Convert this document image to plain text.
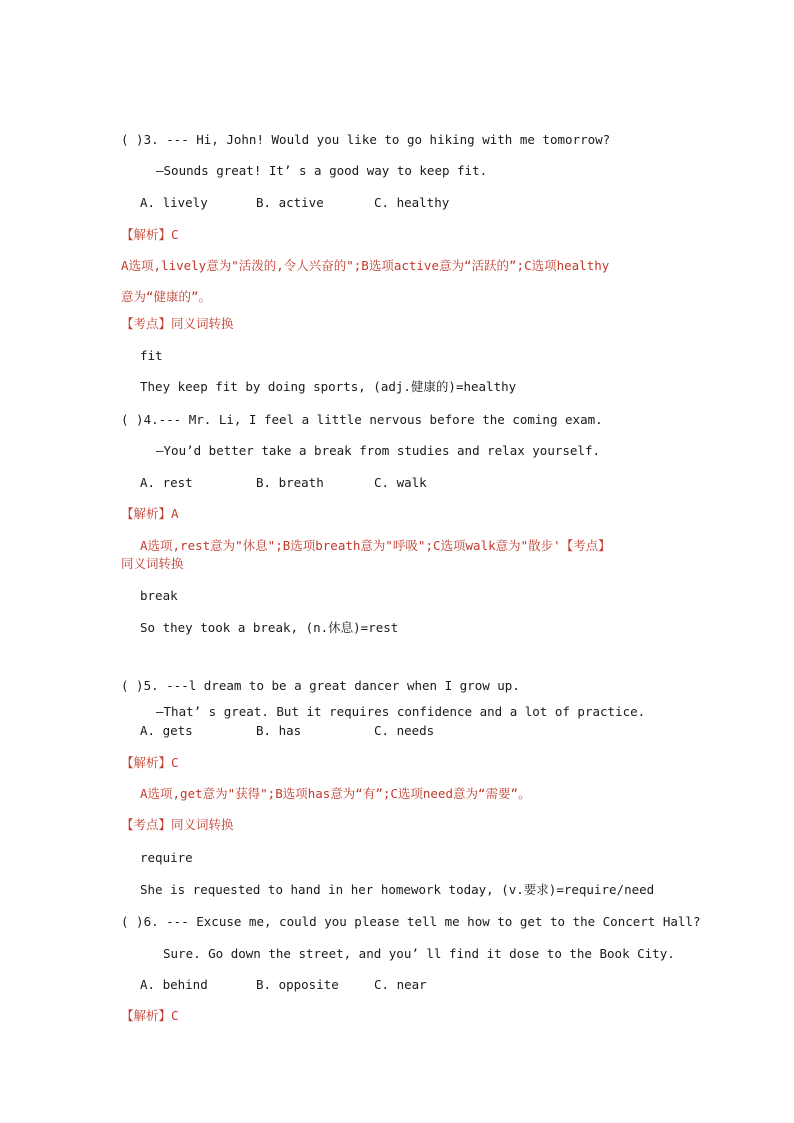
( )3. --- Hi, John! Would you like to go hiking with me tomorrow?
—Sounds great! It’ s a good way to keep fit.
A. lively	B. active	C. healthy
【解析】C
A选项,lively意为"活泼的,令人兴奋的";B选项active意为“活跃的”;C选项healthy
意为“健康的”。
【考点】同义词转换
fit
They keep fit by doing sports, (adj.健康的)=healthy
( )4.--- Mr. Li, I feel a little nervous before the coming exam.
—You’d better take a break from studies and relax yourself.
A. rest	B. breath	C. walk
【解析】A
A选项,rest意为"休息";B选项breath意为"呼吸";C选项walk意为"散步'【考点】
同义词转换
break
So they took a break, (n.休息)=rest
( )5. ---l dream to be a great dancer when I grow up.
—That’ s great. But it requires confidence and a lot of practice.
A. gets	B. has	C. needs
【解析】C
A选项,get意为"获得";B选项has意为“有”;C选项need意为“需要”。
【考点】同义词转换
require
She is requested to hand in her homework today, (v.要求)=require/need
( )6. --- Excuse me, could you please tell me how to get to the Concert Hall?
Sure. Go down the street, and you’ ll find it dose to the Book City.
A. behind	B. opposite	C. near
【解析】C
